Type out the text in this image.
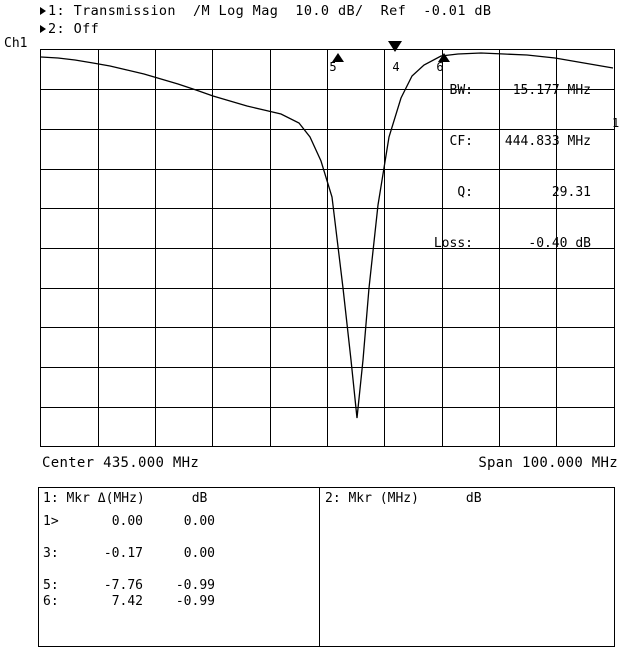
1: Transmission  /M Log Mag  10.0 dB/  Ref  -0.01 dB
2: Off
Ch1
5	4	6

BW:	15.177 MHz

CF: 444.833 MHz

Q:	29.31

Loss:	-0.40 dB

1
Center 435.000 MHz	Span 100.000 MHz
1: Mkr Δ(MHz)      dB	2: Mkr (MHz)      dB
1>	0.00	0.00
3:	-0.17	0.00
5:	-7.76	-0.99
6:	7.42	-0.99
